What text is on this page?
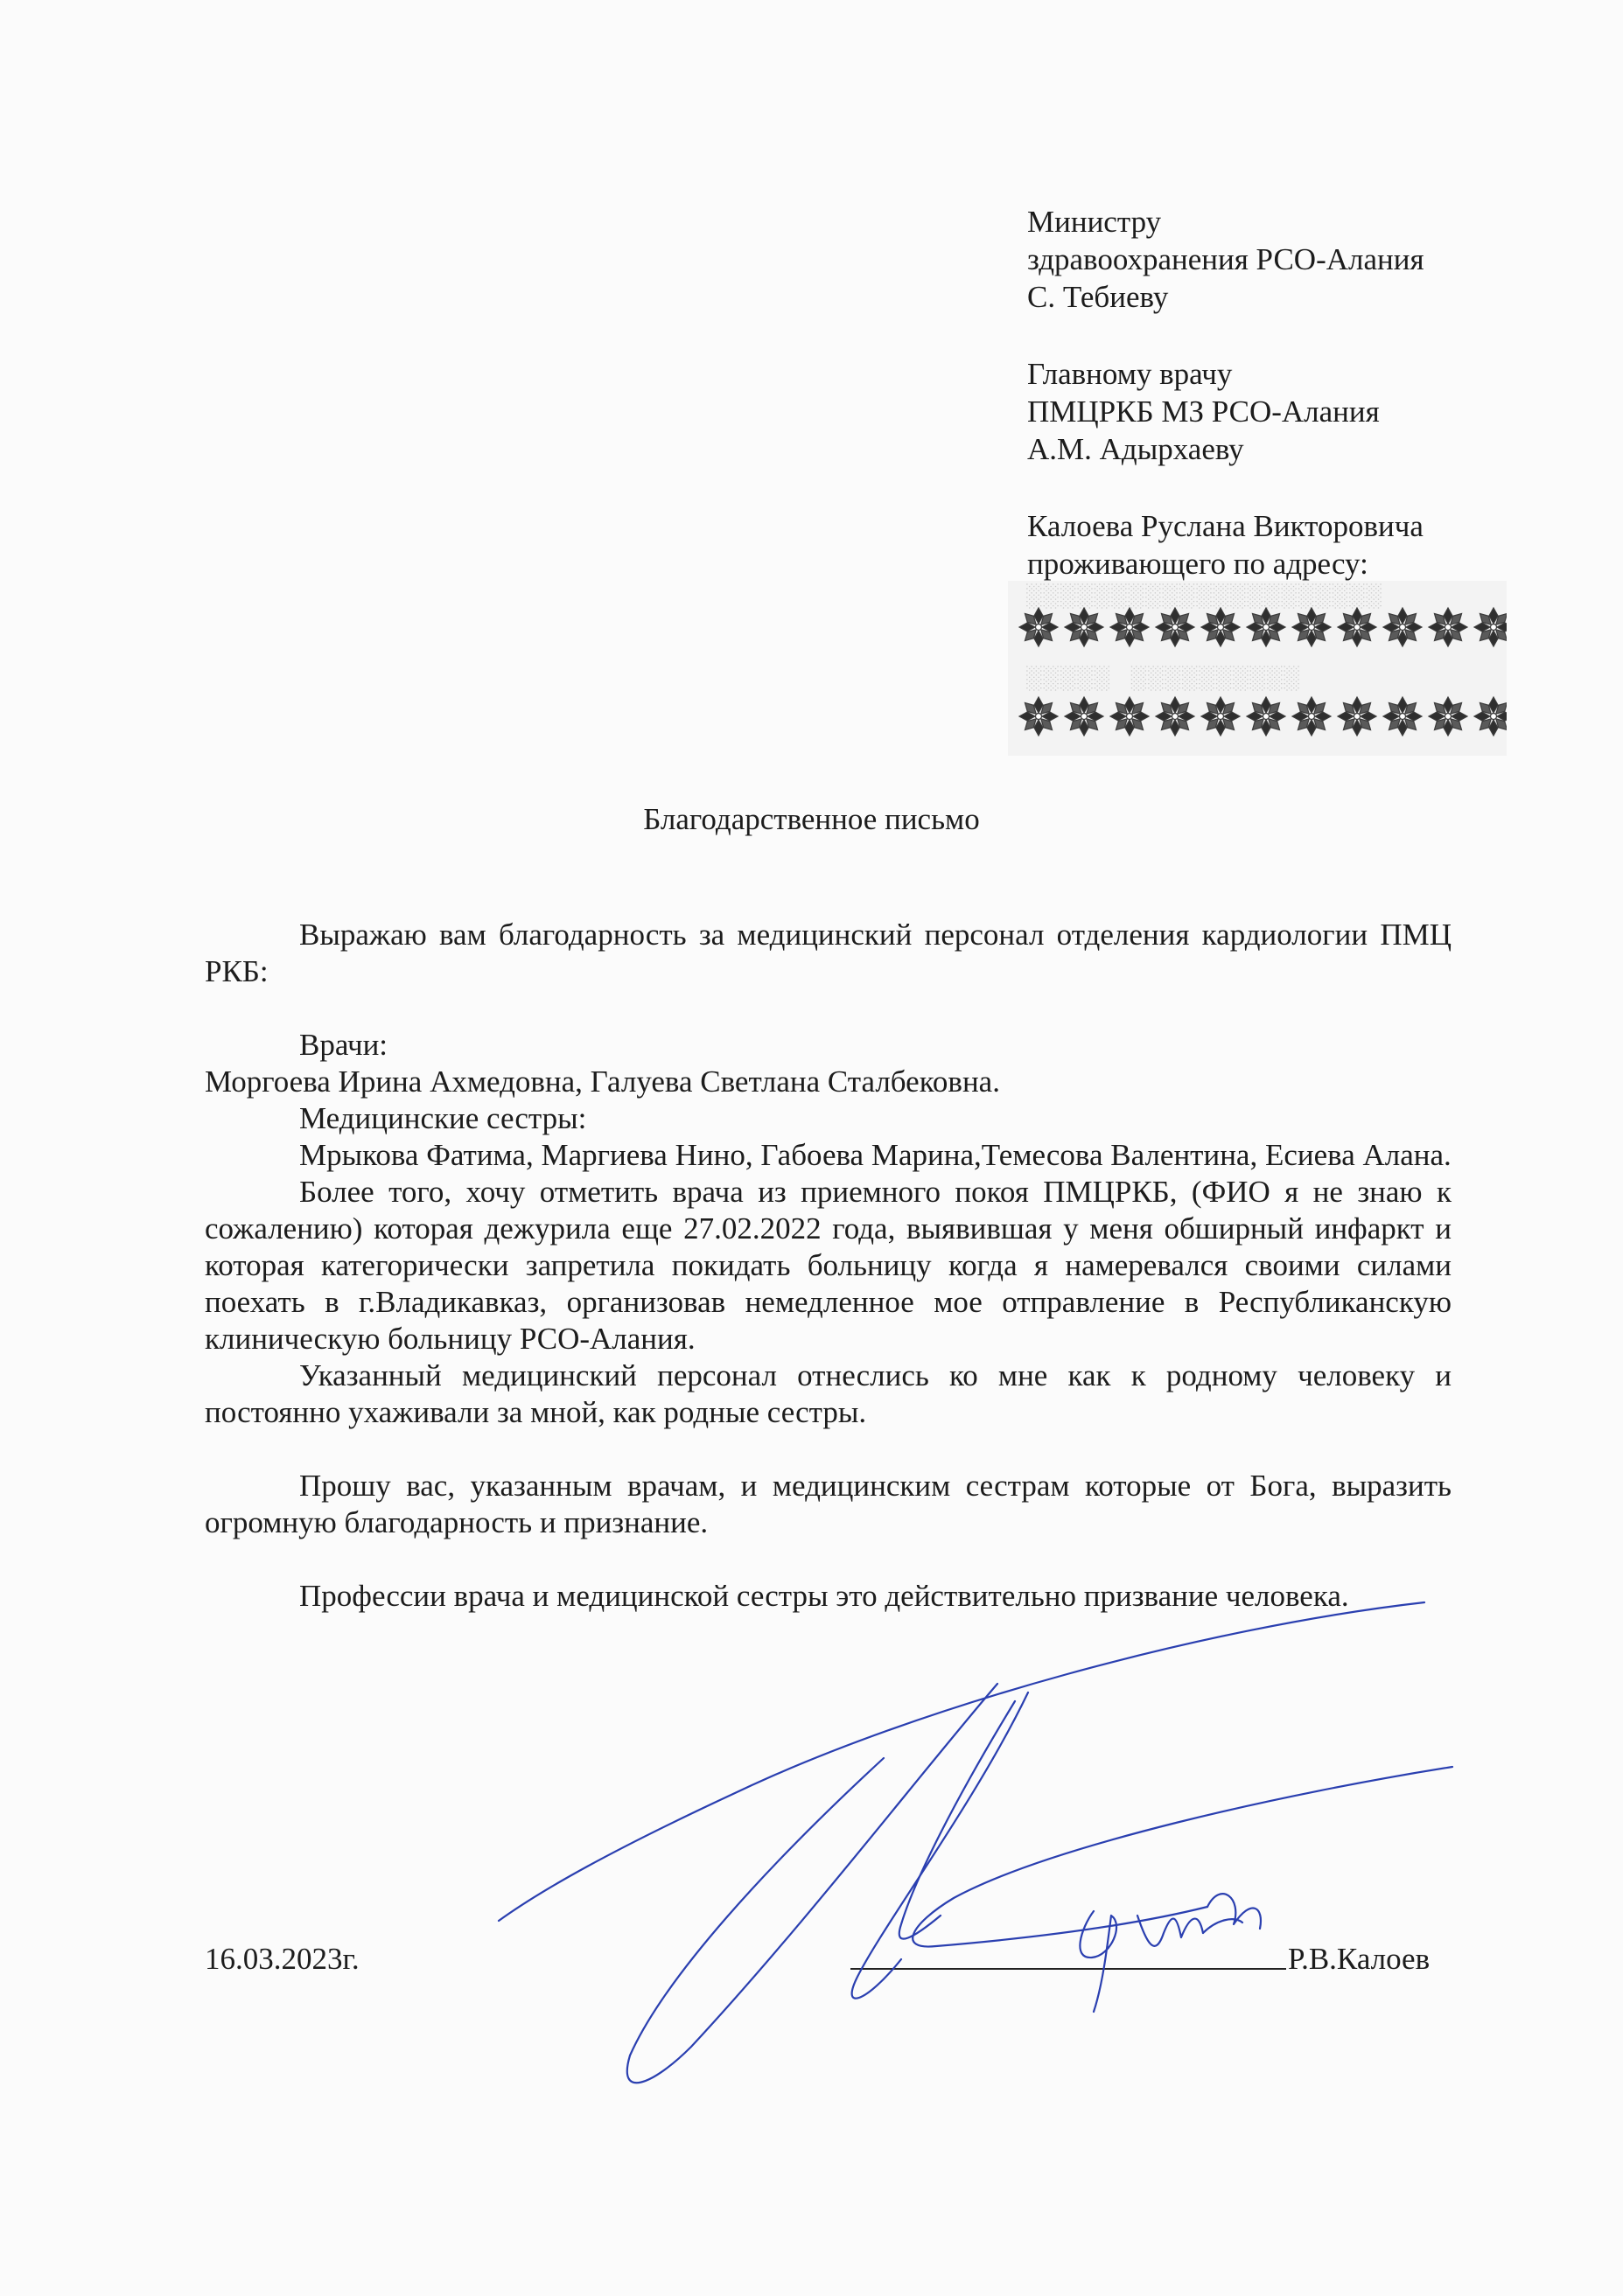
Министру
здравоохранения РСО-Алания
С. Тебиеву
Главному врачу
ПМЦРКБ МЗ РСО-Алания
А.М. Адырхаеву
Калоева Руслана Викторовича
проживающего по адресу:
░░░░░░░░░░░░░░░░░░░░░
░░░░░   ░░░░░░░░░░
Благодарственное письмо

Выражаю вам благодарность за медицинский персонал отделения кардиологии ПМЦ РКБ:

Врачи:

Моргоева Ирина Ахмедовна, Галуева Светлана Сталбековна.

Медицинские сестры:

Мрыкова Фатима, Маргиева Нино, Габоева Марина,Темесова Валентина, Есиева Алана.

Более того, хочу отметить врача из приемного покоя ПМЦРКБ, (ФИО я не знаю к сожалению) которая дежурила еще 27.02.2022 года, выявившая у меня обширный инфаркт и которая категорически запретила покидать больницу когда я намеревался своими силами поехать в г.Владикавказ, организовав немедленное мое отправление в Республиканскую клиническую больницу РСО-Алания.

Указанный медицинский персонал отнеслись ко мне как к родному человеку и постоянно ухаживали за мной, как родные сестры.

Прошу вас, указанным врачам, и медицинским сестрам которые от Бога, выразить огромную благодарность и признание.

Профессии врача и медицинской сестры это действительно призвание человека.

16.03.2023г.	Р.В.Калоев
